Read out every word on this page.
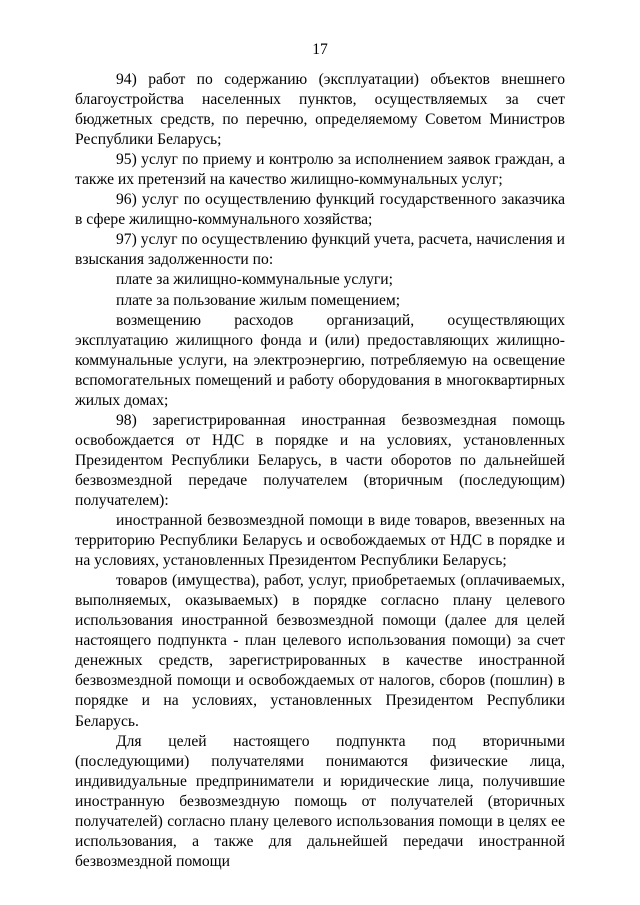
17

94) работ по содержанию (эксплуатации) объектов внешнего благоустройства населенных пунктов, осуществляемых за счет бюджетных средств, по перечню, определяемому Советом Министров Республики Беларусь;

95) услуг по приему и контролю за исполнением заявок граждан, а также их претензий на качество жилищно-коммунальных услуг;

96) услуг по осуществлению функций государственного заказчика в сфере жилищно-коммунального хозяйства;

97) услуг по осуществлению функций учета, расчета, начисления и взыскания задолженности по:

плате за жилищно-коммунальные услуги;

плате за пользование жилым помещением;

возмещению расходов организаций, осуществляющих эксплуатацию жилищного фонда и (или) предоставляющих жилищно-коммунальные услуги, на электроэнергию, потребляемую на освещение вспомогательных помещений и работу оборудования в многоквартирных жилых домах;

98) зарегистрированная иностранная безвозмездная помощь освобождается от НДС в порядке и на условиях, установленных Президентом Республики Беларусь, в части оборотов по дальнейшей безвозмездной передаче получателем (вторичным (последующим) получателем):

иностранной безвозмездной помощи в виде товаров, ввезенных на территорию Республики Беларусь и освобождаемых от НДС в порядке и на условиях, установленных Президентом Республики Беларусь;

товаров (имущества), работ, услуг, приобретаемых (оплачиваемых, выполняемых, оказываемых) в порядке согласно плану целевого использования иностранной безвозмездной помощи (далее для целей настоящего подпункта - план целевого использования помощи) за счет денежных средств, зарегистрированных в качестве иностранной безвозмездной помощи и освобождаемых от налогов, сборов (пошлин) в порядке и на условиях, установленных Президентом Республики Беларусь.

Для целей настоящего подпункта под вторичными (последующими) получателями понимаются физические лица, индивидуальные предприниматели и юридические лица, получившие иностранную безвозмездную помощь от получателей (вторичных получателей) согласно плану целевого использования помощи в целях ее использования, а также для дальнейшей передачи иностранной безвозмездной помощи
